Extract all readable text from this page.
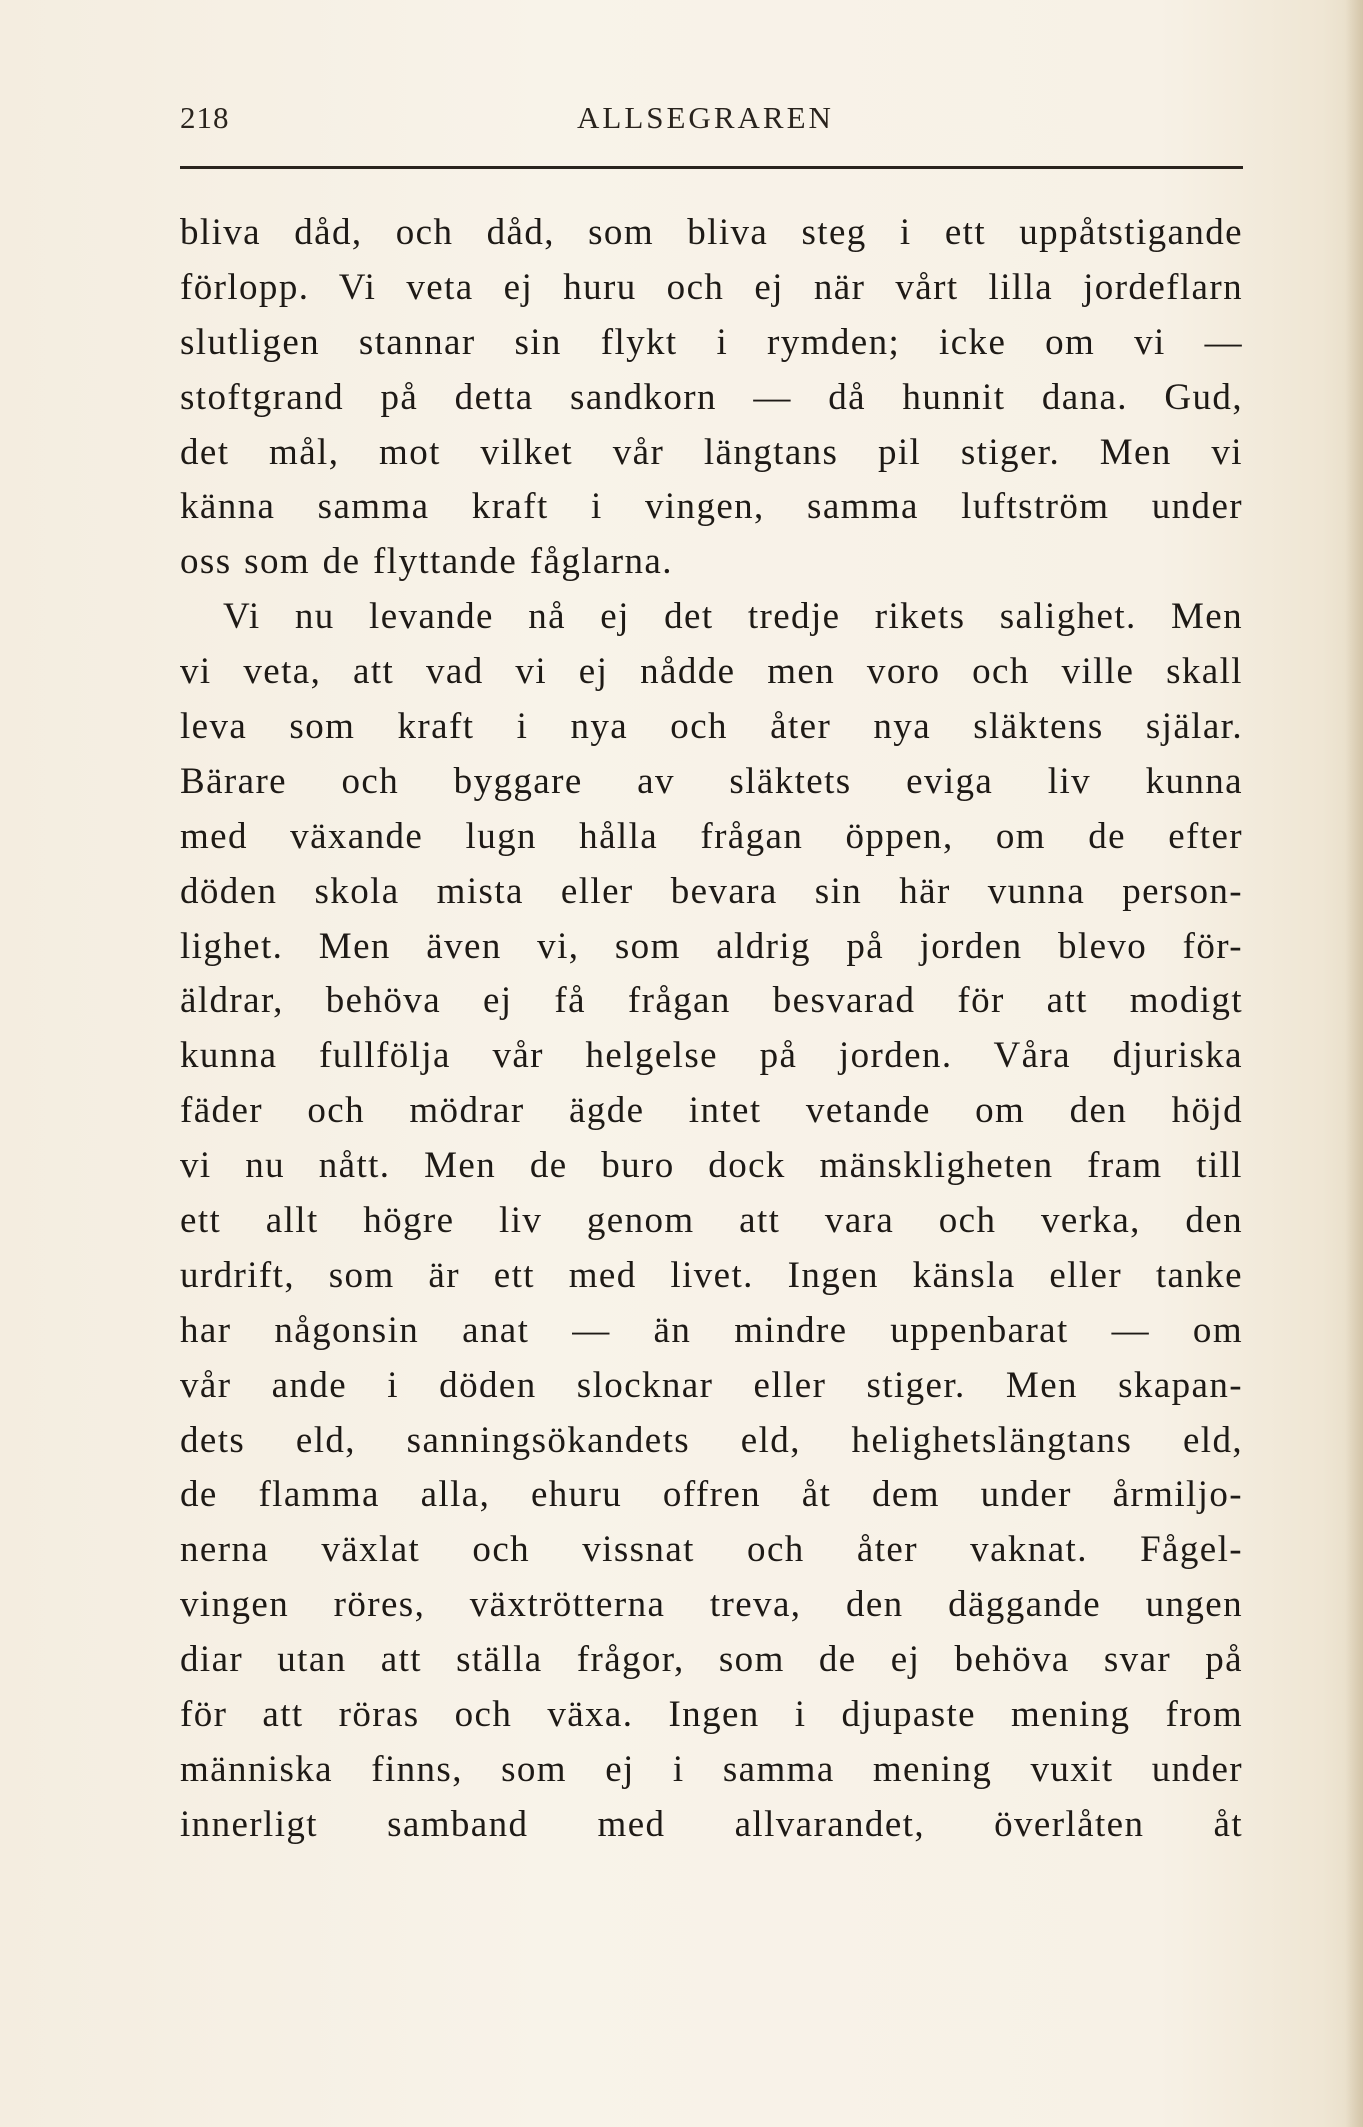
218	ALLSEGRAREN
bliva dåd, och dåd, som bliva steg i ett uppåtstigande
förlopp. Vi veta ej huru och ej när vårt lilla jordeflarn
slutligen stannar sin flykt i rymden; icke om vi —
stoftgrand på detta sandkorn — då hunnit dana. Gud,
det mål, mot vilket vår längtans pil stiger. Men vi
känna samma kraft i vingen, samma luftström under
oss som de flyttande fåglarna.
Vi nu levande nå ej det tredje rikets salighet. Men
vi veta, att vad vi ej nådde men voro och ville skall
leva som kraft i nya och åter nya släktens själar.
Bärare och byggare av släktets eviga liv kunna
med växande lugn hålla frågan öppen, om de efter
döden skola mista eller bevara sin här vunna person-
lighet. Men även vi, som aldrig på jorden blevo för-
äldrar, behöva ej få frågan besvarad för att modigt
kunna fullfölja vår helgelse på jorden. Våra djuriska
fäder och mödrar ägde intet vetande om den höjd
vi nu nått. Men de buro dock mänskligheten fram till
ett allt högre liv genom att vara och verka, den
urdrift, som är ett med livet. Ingen känsla eller tanke
har någonsin anat — än mindre uppenbarat — om
vår ande i döden slocknar eller stiger. Men skapan-
dets eld, sanningsökandets eld, helighetslängtans eld,
de flamma alla, ehuru offren åt dem under årmiljo-
nerna växlat och vissnat och åter vaknat. Fågel-
vingen röres, växtrötterna treva, den däggande ungen
diar utan att ställa frågor, som de ej behöva svar på
för att röras och växa. Ingen i djupaste mening from
människa finns, som ej i samma mening vuxit under
innerligt samband med allvarandet, överlåten åt
